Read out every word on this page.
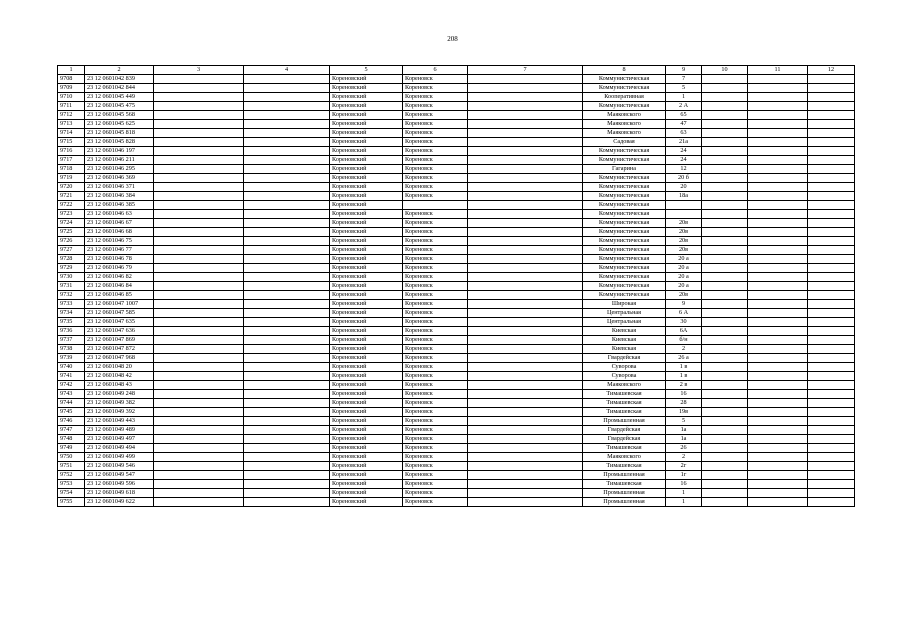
208
1	2	3	4	5	6	7	8	9	10	11	12
9708	23 12 0601042 839			Кореновский	Кореновск		Коммунистическая	7			
9709	23 12 0601042 844			Кореновский	Кореновск		Коммунистическая	5			
9710	23 12 0601045 449			Кореновский	Кореновск		Кооперативная	1			
9711	23 12 0601045 475			Кореновский	Кореновск		Коммунистическая	2 А			
9712	23 12 0601045 568			Кореновский	Кореновск		Маяковского	65			
9713	23 12 0601045 625			Кореновский	Кореновск		Маяковского	47			
9714	23 12 0601045 818			Кореновский	Кореновск		Маяковского	63			
9715	23 12 0601045 828			Кореновский	Кореновск		Садовая	21а			
9716	23 12 0601046 197			Кореновский	Кореновск		Коммунистическая	24			
9717	23 12 0601046 211			Кореновский	Кореновск		Коммунистическая	24			
9718	23 12 0601046 295			Кореновский	Кореновск		Гагарина	12			
9719	23 12 0601046 369			Кореновский	Кореновск		Коммунистическая	20 б			
9720	23 12 0601046 371			Кореновский	Кореновск		Коммунистическая	20			
9721	23 12 0601046 384			Кореновский	Кореновск		Коммунистическая	18а			
9722	23 12 0601046 385			Кореновский			Коммунистическая				
9723	23 12 0601046 63			Кореновский	Кореновск		Коммунистическая				
9724	23 12 0601046 67			Кореновский	Кореновск		Коммунистическая	20в			
9725	23 12 0601046 68			Кореновский	Кореновск		Коммунистическая	20в			
9726	23 12 0601046 75			Кореновский	Кореновск		Коммунистическая	20в			
9727	23 12 0601046 77			Кореновский	Кореновск		Коммунистическая	20в			
9728	23 12 0601046 78			Кореновский	Кореновск		Коммунистическая	20 а			
9729	23 12 0601046 79			Кореновский	Кореновск		Коммунистическая	20 а			
9730	23 12 0601046 82			Кореновский	Кореновск		Коммунистическая	20 а			
9731	23 12 0601046 84			Кореновский	Кореновск		Коммунистическая	20 а			
9732	23 12 0601046 85			Кореновский	Кореновск		Коммунистическая	20в			
9733	23 12 0601047 1007			Кореновский	Кореновск		Широкая	9			
9734	23 12 0601047 585			Кореновский	Кореновск		Центральная	6 А			
9735	23 12 0601047 635			Кореновский	Кореновск		Центральная	30			
9736	23 12 0601047 636			Кореновский	Кореновск		Киевская	6А			
9737	23 12 0601047 869			Кореновский	Кореновск		Киевская	б/н			
9738	23 12 0601047 872			Кореновский	Кореновск		Киевская	2			
9739	23 12 0601047 968			Кореновский	Кореновск		Гвардейская	26 а			
9740	23 12 0601048 20			Кореновский	Кореновск		Суворова	1 в			
9741	23 12 0601048 42			Кореновский	Кореновск		Суворова	1 в			
9742	23 12 0601048 43			Кореновский	Кореновск		Маяковского	2 в			
9743	23 12 0601049 248			Кореновский	Кореновск		Тимашевская	16			
9744	23 12 0601049 382			Кореновский	Кореновск		Тимашевская	28			
9745	23 12 0601049 392			Кореновский	Кореновск		Тимашевская	19в			
9746	23 12 0601049 443			Кореновский	Кореновск		Промышленная	5			
9747	23 12 0601049 489			Кореновский	Кореновск		Гвардейская	1а			
9748	23 12 0601049 497			Кореновский	Кореновск		Гвардейская	1а			
9749	23 12 0601049 494			Кореновский	Кореновск		Тимашевская	26			
9750	23 12 0601049 499			Кореновский	Кореновск		Маяковского	2			
9751	23 12 0601049 546			Кореновский	Кореновск		Тимашевская	2г			
9752	23 12 0601049 547			Кореновский	Кореновск		Промышленная	1г			
9753	23 12 0601049 596			Кореновский	Кореновск		Тимашевская	16			
9754	23 12 0601049 618			Кореновский	Кореновск		Промышленная	1			
9755	23 12 0601049 622			Кореновский	Кореновск		Промышленная	1			
